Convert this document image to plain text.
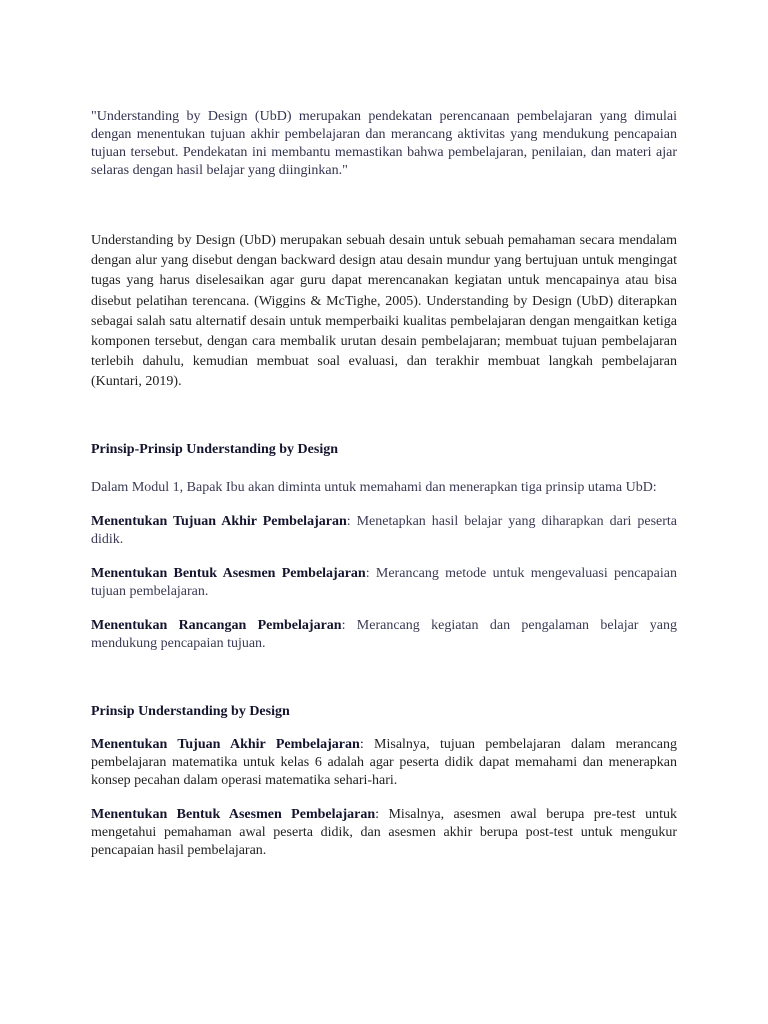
"Understanding by Design (UbD) merupakan pendekatan perencanaan pembelajaran yang dimulai dengan menentukan tujuan akhir pembelajaran dan merancang aktivitas yang mendukung pencapaian tujuan tersebut. Pendekatan ini membantu memastikan bahwa pembelajaran, penilaian, dan materi ajar selaras dengan hasil belajar yang diinginkan."

Understanding by Design (UbD) merupakan sebuah desain untuk sebuah pemahaman secara mendalam dengan alur yang disebut dengan backward design atau desain mundur yang bertujuan untuk mengingat tugas yang harus diselesaikan agar guru dapat merencanakan kegiatan untuk mencapainya atau bisa disebut pelatihan terencana. (Wiggins & McTighe, 2005). Understanding by Design (UbD) diterapkan sebagai salah satu alternatif desain untuk memperbaiki kualitas pembelajaran dengan mengaitkan ketiga komponen tersebut, dengan cara membalik urutan desain pembelajaran; membuat tujuan pembelajaran terlebih dahulu, kemudian membuat soal evaluasi, dan terakhir membuat langkah pembelajaran (Kuntari, 2019).

Prinsip-Prinsip Understanding by Design

Dalam Modul 1, Bapak Ibu akan diminta untuk memahami dan menerapkan tiga prinsip utama UbD:

Menentukan Tujuan Akhir Pembelajaran: Menetapkan hasil belajar yang diharapkan dari peserta didik.

Menentukan Bentuk Asesmen Pembelajaran: Merancang metode untuk mengevaluasi pencapaian tujuan pembelajaran.

Menentukan Rancangan Pembelajaran: Merancang kegiatan dan pengalaman belajar yang mendukung pencapaian tujuan.

Prinsip Understanding by Design

Menentukan Tujuan Akhir Pembelajaran: Misalnya, tujuan pembelajaran dalam merancang pembelajaran matematika untuk kelas 6 adalah agar peserta didik dapat memahami dan menerapkan konsep pecahan dalam operasi matematika sehari-hari.

Menentukan Bentuk Asesmen Pembelajaran: Misalnya, asesmen awal berupa pre-test untuk mengetahui pemahaman awal peserta didik, dan asesmen akhir berupa post-test untuk mengukur pencapaian hasil pembelajaran.
